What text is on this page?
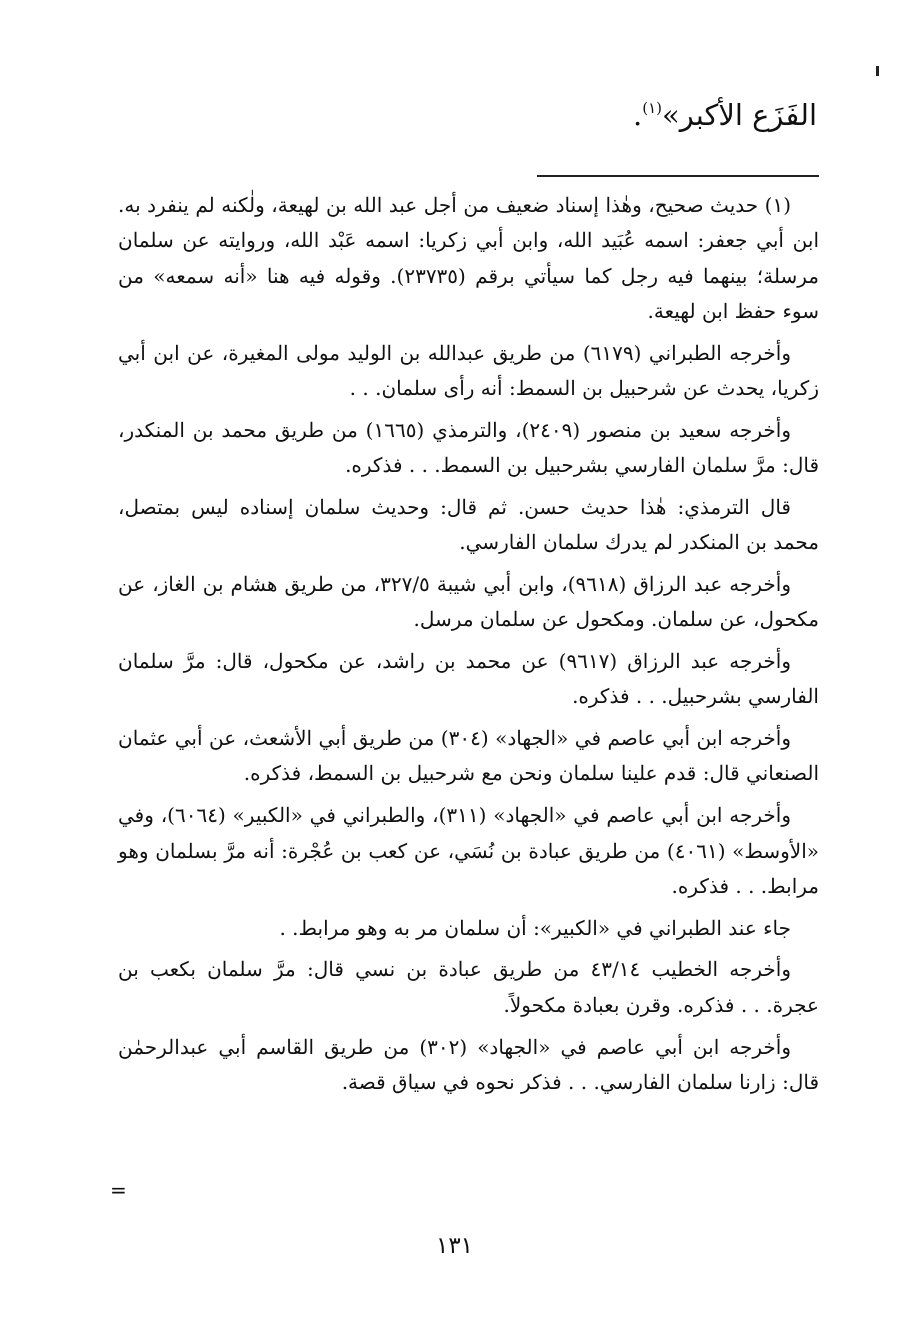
الفَزَع الأكبر»$^{(١)}$.

(١) حديث صحيح، وهٰذا إسناد ضعيف من أجل عبد الله بن لهيعة، ولٰكنه لم ينفرد به. ابن أبي جعفر: اسمه عُبَيد الله، وابن أبي زكريا: اسمه عَبْد الله، وروايته عن سلمان مرسلة؛ بينهما فيه رجل كما سيأتي برقم (٢٣٧٣٥). وقوله فيه هنا «أنه سمعه» من سوء حفظ ابن لهيعة.

وأخرجه الطبراني (٦١٧٩) من طريق عبدالله بن الوليد مولى المغيرة، عن ابن أبي زكريا، يحدث عن شرحبيل بن السمط: أنه رأى سلمان. . .

وأخرجه سعيد بن منصور (٢٤٠٩)، والترمذي (١٦٦٥) من طريق محمد بن المنكدر، قال: مرَّ سلمان الفارسي بشرحبيل بن السمط. . . فذكره.

قال الترمذي: هٰذا حديث حسن. ثم قال: وحديث سلمان إسناده ليس بمتصل، محمد بن المنكدر لم يدرك سلمان الفارسي.

وأخرجه عبد الرزاق (٩٦١٨)، وابن أبي شيبة ٣٢٧/٥، من طريق هشام بن الغاز، عن مكحول، عن سلمان. ومكحول عن سلمان مرسل.

وأخرجه عبد الرزاق (٩٦١٧) عن محمد بن راشد، عن مكحول، قال: مرَّ سلمان الفارسي بشرحبيل. . . فذكره.

وأخرجه ابن أبي عاصم في «الجهاد» (٣٠٤) من طريق أبي الأشعث، عن أبي عثمان الصنعاني قال: قدم علينا سلمان ونحن مع شرحبيل بن السمط، فذكره.

وأخرجه ابن أبي عاصم في «الجهاد» (٣١١)، والطبراني في «الكبير» (٦٠٦٤)، وفي «الأوسط» (٤٠٦١) من طريق عبادة بن نُسَي، عن كعب بن عُجْرة: أنه مرَّ بسلمان وهو مرابط. . . فذكره.

جاء عند الطبراني في «الكبير»: أن سلمان مر به وهو مرابط. .

وأخرجه الخطيب ٤٣/١٤ من طريق عبادة بن نسي قال: مرَّ سلمان بكعب بن عجرة. . . فذكره. وقرن بعبادة مكحولاً.

وأخرجه ابن أبي عاصم في «الجهاد» (٣٠٢) من طريق القاسم أبي عبدالرحمٰن قال: زارنا سلمان الفارسي. . . فذكر نحوه في سياق قصة.

=
١٣١
